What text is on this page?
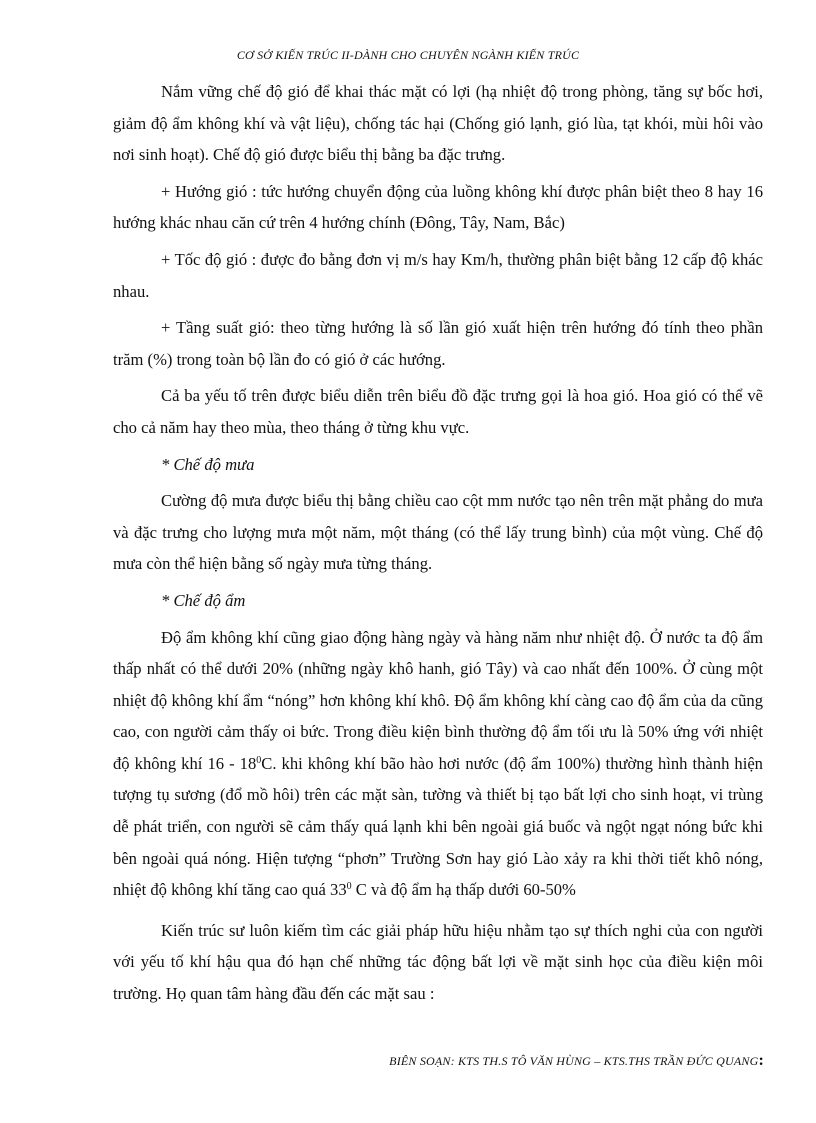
CƠ SỞ KIẾN TRÚC II-DÀNH CHO CHUYÊN NGÀNH KIẾN TRÚC

Nắm vững chế độ gió để khai thác mặt có lợi (hạ nhiệt độ trong phòng, tăng sự bốc hơi, giảm độ ẩm không khí và vật liệu), chống tác hại (Chống gió lạnh, gió lùa, tạt khói, mùi hôi vào nơi sinh hoạt). Chế độ gió được biểu thị bằng ba đặc trưng.

+ Hướng gió : tức hướng chuyển động của luồng không khí được phân biệt theo 8 hay 16 hướng khác nhau căn cứ trên 4 hướng chính (Đông, Tây, Nam, Bắc)

+ Tốc độ gió : được đo bằng đơn vị m/s hay Km/h, thường phân biệt bằng 12 cấp độ khác nhau.

+ Tầng suất gió: theo từng hướng là số lần gió xuất hiện trên hướng đó tính theo phần trăm (%) trong toàn bộ lần đo có gió ở các hướng.

Cả ba yếu tố trên được biểu diễn trên biểu đồ đặc trưng gọi là hoa gió. Hoa gió có thể vẽ cho cả năm hay theo mùa, theo tháng ở từng khu vực.

* Chế độ mưa

Cường độ mưa được biểu thị bằng chiều cao cột mm nước tạo nên trên mặt phẳng do mưa và đặc trưng cho lượng mưa một năm, một tháng (có thể lấy trung bình) của một vùng. Chế độ mưa còn thể hiện bằng số ngày mưa từng tháng.

* Chế độ ẩm

Độ ẩm không khí cũng giao động hàng ngày và hàng năm như nhiệt độ. Ở nước ta độ ẩm thấp nhất có thể dưới 20% (những ngày khô hanh, gió Tây) và cao nhất đến 100%. Ở cùng một nhiệt độ không khí ẩm “nóng” hơn không khí khô. Độ ẩm không khí càng cao độ ẩm của da cũng cao, con người cảm thấy oi bức. Trong điều kiện bình thường độ ẩm tối ưu là 50% ứng với nhiệt độ không khí $16 - 18^0C$. khi không khí bão hào hơi nước (độ ẩm 100%) thường hình thành hiện tượng tụ sương (đổ mồ hôi) trên các mặt sàn, tường và thiết bị tạo bất lợi cho sinh hoạt, vi trùng dễ phát triển, con người sẽ cảm thấy quá lạnh khi bên ngoài giá buốc và ngột ngạt nóng bức khi bên ngoài quá nóng. Hiện tượng “phơn” Trường Sơn hay gió Lào xảy ra khi thời tiết khô nóng, nhiệt độ không khí tăng cao quá $33^0$ C và độ ẩm hạ thấp dưới 60-50%

Kiến trúc sư luôn kiếm tìm các giải pháp hữu hiệu nhằm tạo sự thích nghi của con người với yếu tố khí hậu qua đó hạn chế những tác động bất lợi về mặt sinh học của điều kiện môi trường. Họ quan tâm hàng đầu đến các mặt sau :

BIÊN SOẠN: KTS TH.S TÔ VĂN HÙNG – KTS.THS TRẦN ĐỨC QUANG:
